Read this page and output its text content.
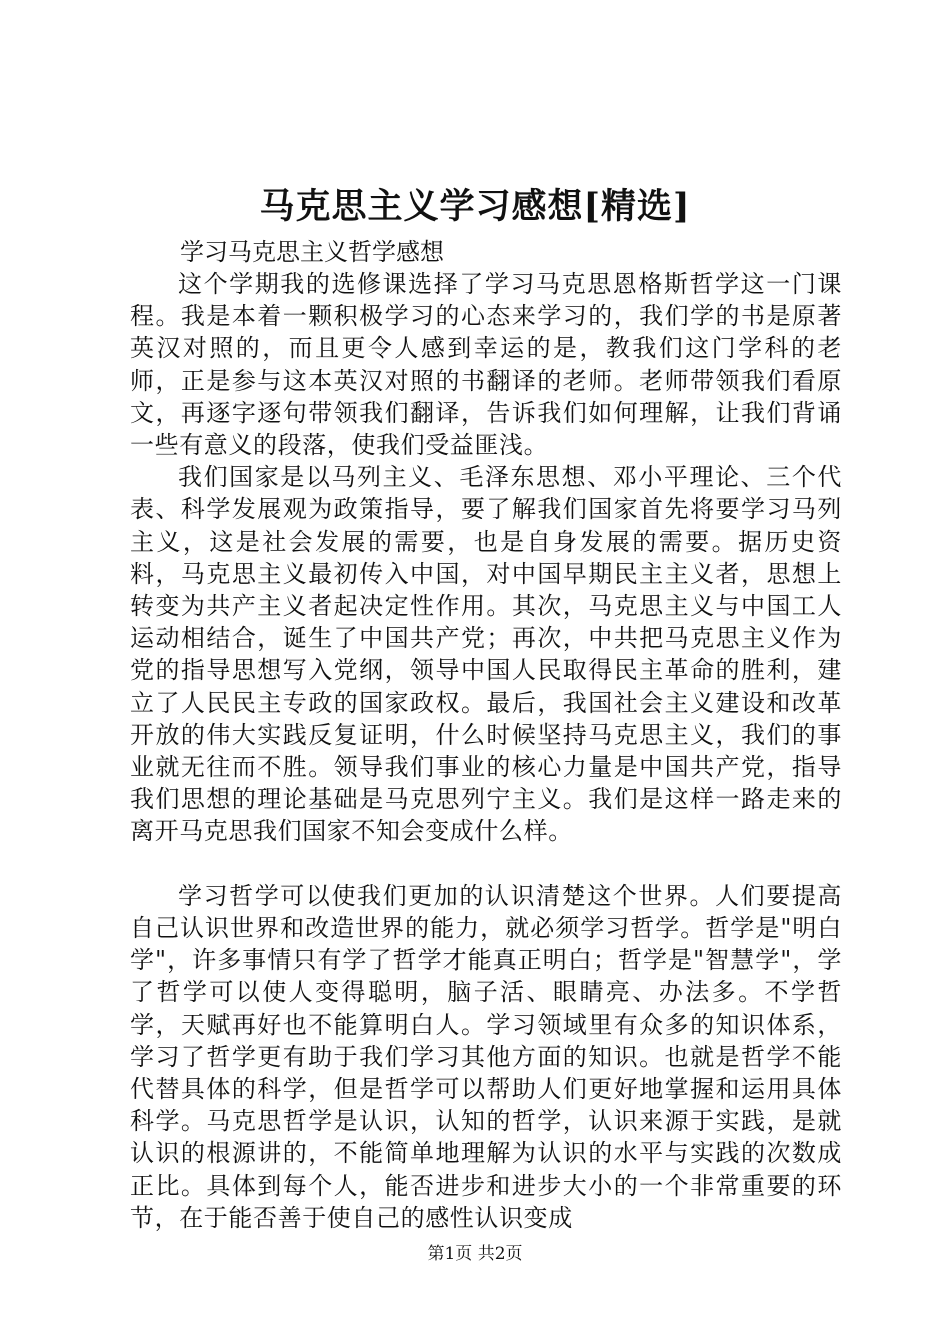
马克思主义学习感想[精选]

学习马克思主义哲学感想

这个学期我的选修课选择了学习马克思恩格斯哲学这一门课程。我是本着一颗积极学习的心态来学习的，我们学的书是原著英汉对照的，而且更令人感到幸运的是，教我们这门学科的老师，正是参与这本英汉对照的书翻译的老师。老师带领我们看原文，再逐字逐句带领我们翻译，告诉我们如何理解，让我们背诵一些有意义的段落，使我们受益匪浅。

我们国家是以马列主义、毛泽东思想、邓小平理论、三个代表、科学发展观为政策指导，要了解我们国家首先将要学习马列主义，这是社会发展的需要，也是自身发展的需要。据历史资料，马克思主义最初传入中国，对中国早期民主主义者，思想上转变为共产主义者起决定性作用。其次，马克思主义与中国工人运动相结合，诞生了中国共产党；再次，中共把马克思主义作为党的指导思想写入党纲，领导中国人民取得民主革命的胜利，建立了人民民主专政的国家政权。最后，我国社会主义建设和改革开放的伟大实践反复证明，什么时候坚持马克思主义，我们的事业就无往而不胜。领导我们事业的核心力量是中国共产党，指导我们思想的理论基础是马克思列宁主义。我们是这样一路走来的离开马克思我们国家不知会变成什么样。

学习哲学可以使我们更加的认识清楚这个世界。人们要提高自己认识世界和改造世界的能力，就必须学习哲学。哲学是"明白学"，许多事情只有学了哲学才能真正明白；哲学是"智慧学"，学了哲学可以使人变得聪明，脑子活、眼睛亮、办法多。不学哲学，天赋再好也不能算明白人。学习领域里有众多的知识体系，学习了哲学更有助于我们学习其他方面的知识。也就是哲学不能代替具体的科学，但是哲学可以帮助人们更好地掌握和运用具体科学。马克思哲学是认识，认知的哲学，认识来源于实践，是就认识的根源讲的，不能简单地理解为认识的水平与实践的次数成正比。具体到每个人，能否进步和进步大小的一个非常重要的环节，在于能否善于使自己的感性认识变成

第1页 共2页
